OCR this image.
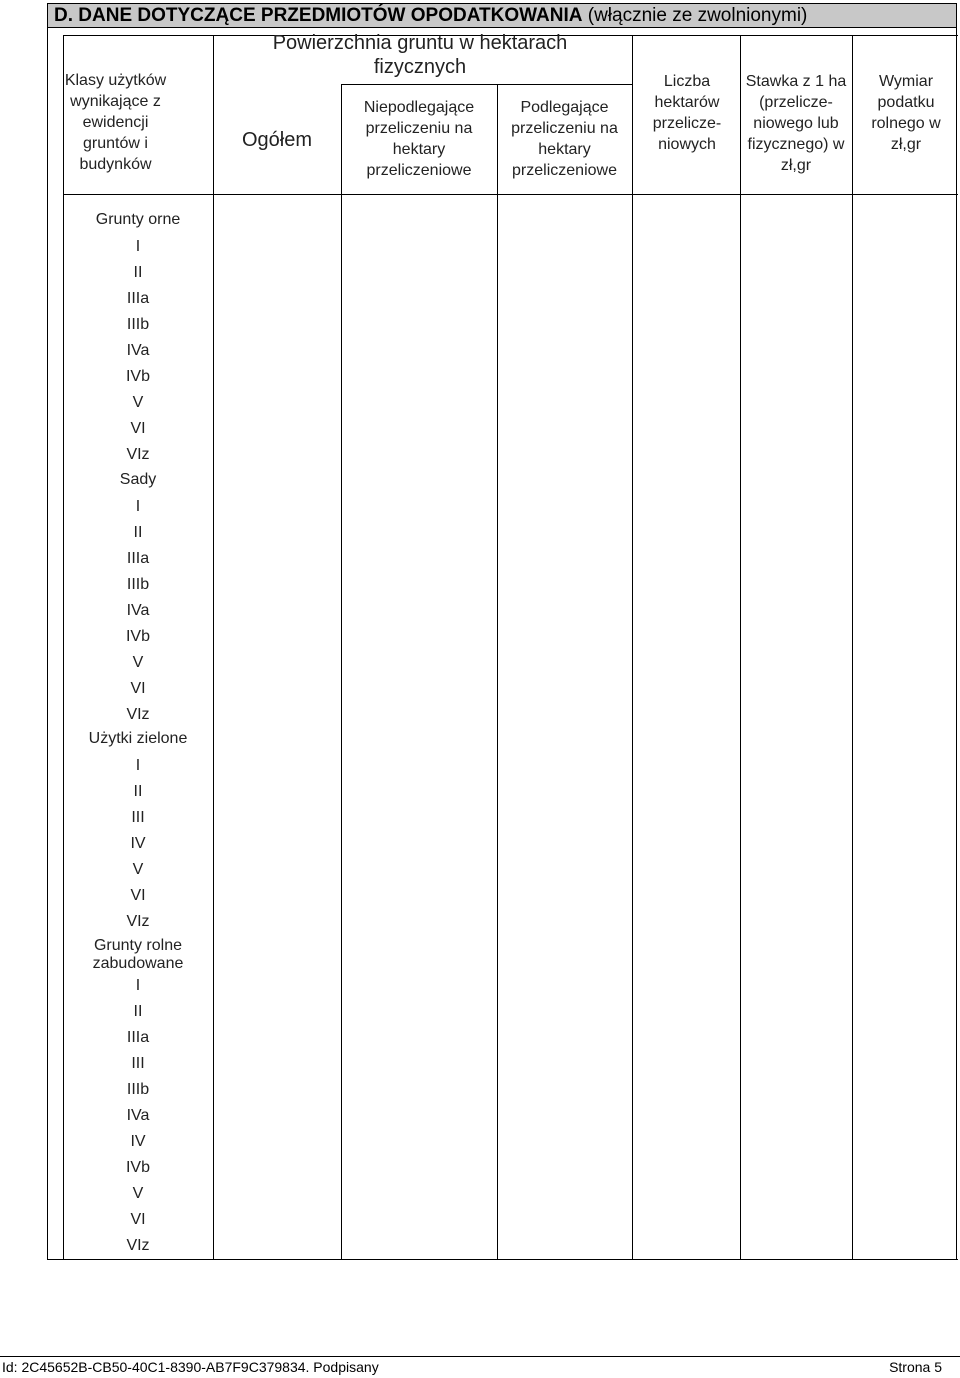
D. DANE DOTYCZĄCE PRZEDMIOTÓW OPODATKOWANIA (włącznie ze zwolnionymi)
Klasy użytków wynikające z ewidencji gruntów i budynków
Powierzchnia gruntu w hektarach fizycznych
Ogółem
Niepodlegające przeliczeniu na hektary przeliczeniowe
Podlegające przeliczeniu na hektary przeliczeniowe
Liczba hektarów przelicze-niowych
Stawka z 1 ha (przelicze-niowego lub fizycznego) w zł,gr
Wymiar podatku rolnego w zł,gr
Grunty orne
I
II
IIIa
IIIb
IVa
IVb
V
VI
VIz
Sady
I
II
IIIa
IIIb
IVa
IVb
V
VI
VIz
Użytki zielone
I
II
III
IV
V
VI
VIz
Grunty rolne zabudowane
I
II
IIIa
III
IIIb
IVa
IV
IVb
V
VI
VIz
Id: 2C45652B-CB50-40C1-8390-AB7F9C379834. Podpisany	Strona 5
